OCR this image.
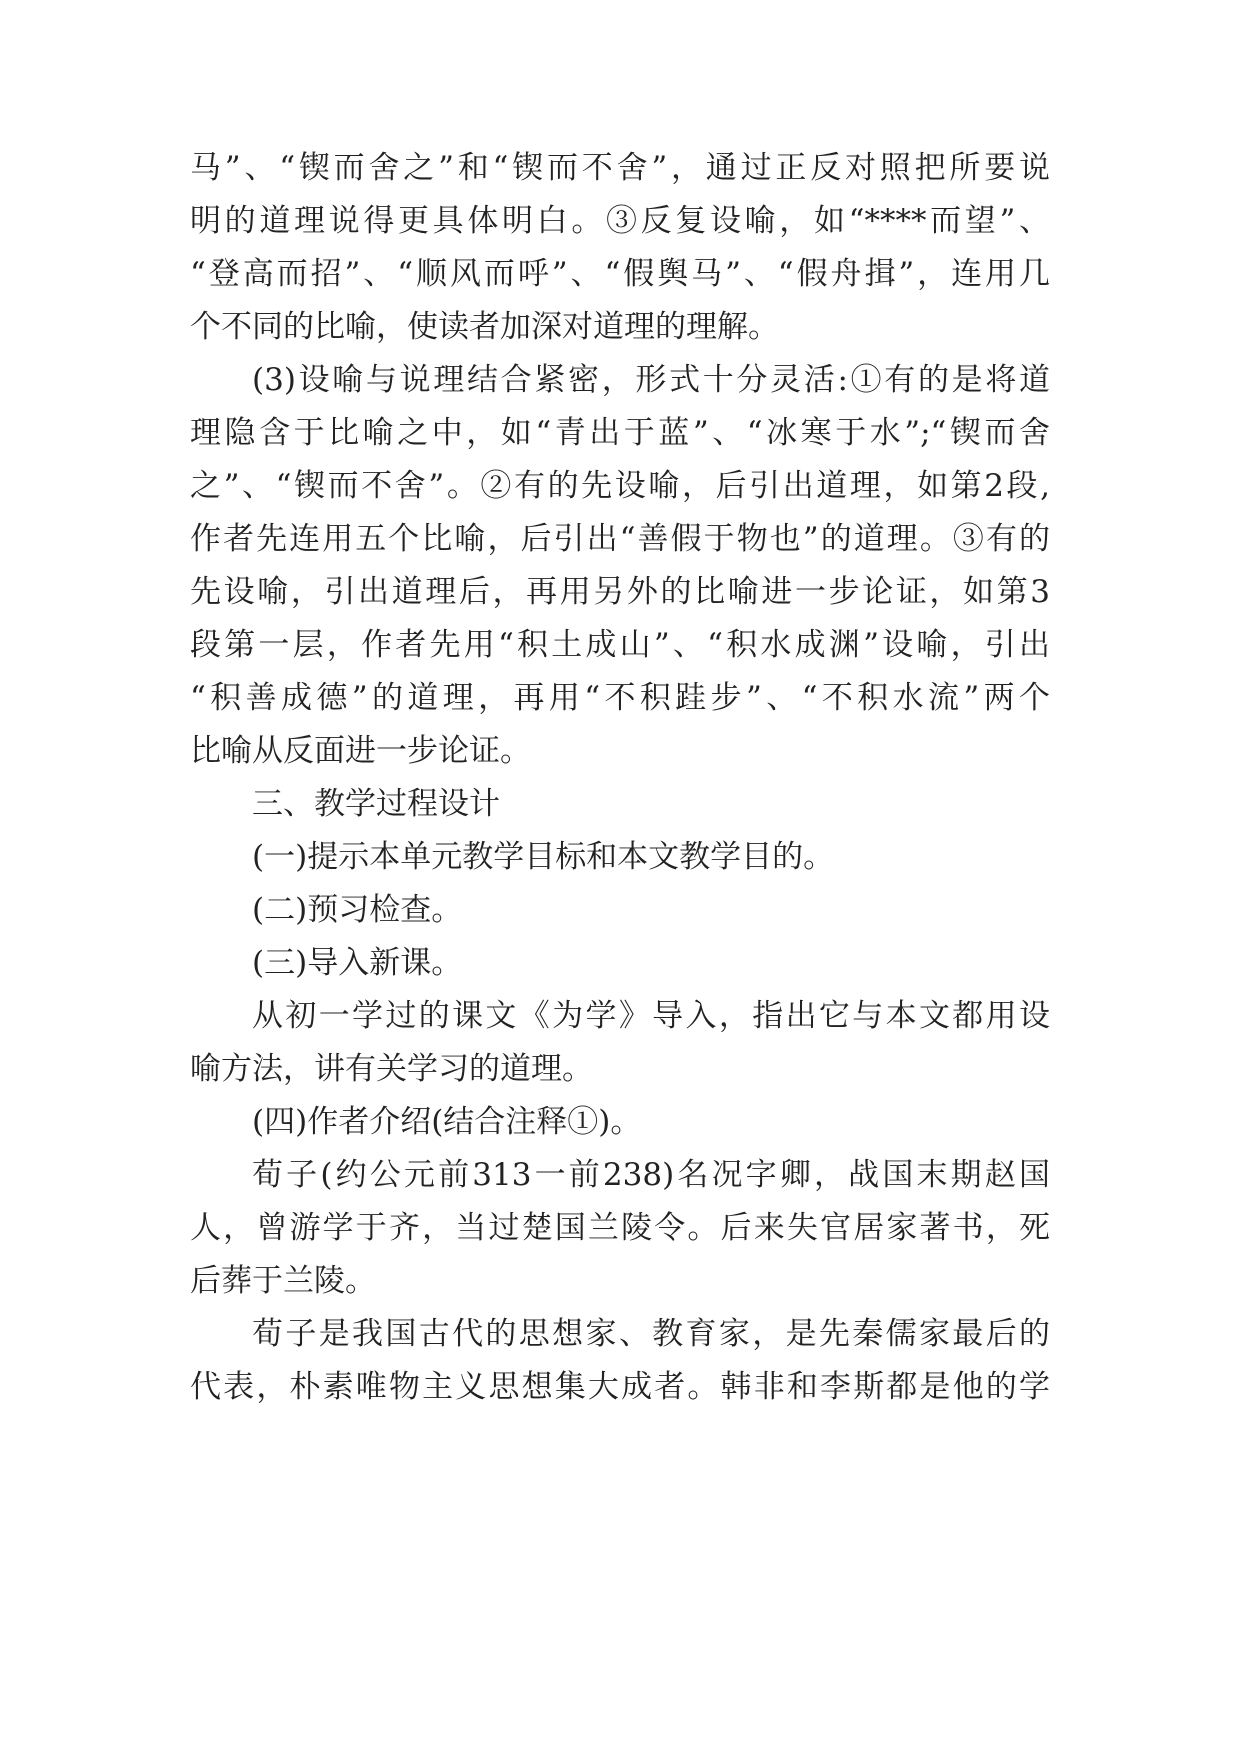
马”、“锲而舍之”和“锲而不舍”，通过正反对照把所要说

明的道理说得更具体明白。③反复设喻，如“****而望”、

“登高而招”、“顺风而呼”、“假舆马”、“假舟揖”，连用几

个不同的比喻，使读者加深对道理的理解。

(3)设喻与说理结合紧密，形式十分灵活:①有的是将道

理隐含于比喻之中，如“青出于蓝”、“冰寒于水”;“锲而舍

之”、“锲而不舍”。②有的先设喻，后引出道理，如第2段,

作者先连用五个比喻，后引出“善假于物也”的道理。③有的

先设喻，引出道理后，再用另外的比喻进一步论证，如第3

段第一层，作者先用“积土成山”、“积水成渊”设喻，引出

“积善成德”的道理，再用“不积跬步”、“不积水流”两个

比喻从反面进一步论证。

三、教学过程设计

(一)提示本单元教学目标和本文教学目的。

(二)预习检查。

(三)导入新课。

从初一学过的课文《为学》导入，指出它与本文都用设

喻方法，讲有关学习的道理。

(四)作者介绍(结合注释①)。

荀子(约公元前313一前238)名况字卿，战国末期赵国

人，曾游学于齐，当过楚国兰陵令。后来失官居家著书，死

后葬于兰陵。

荀子是我国古代的思想家、教育家，是先秦儒家最后的

代表，朴素唯物主义思想集大成者。韩非和李斯都是他的学
